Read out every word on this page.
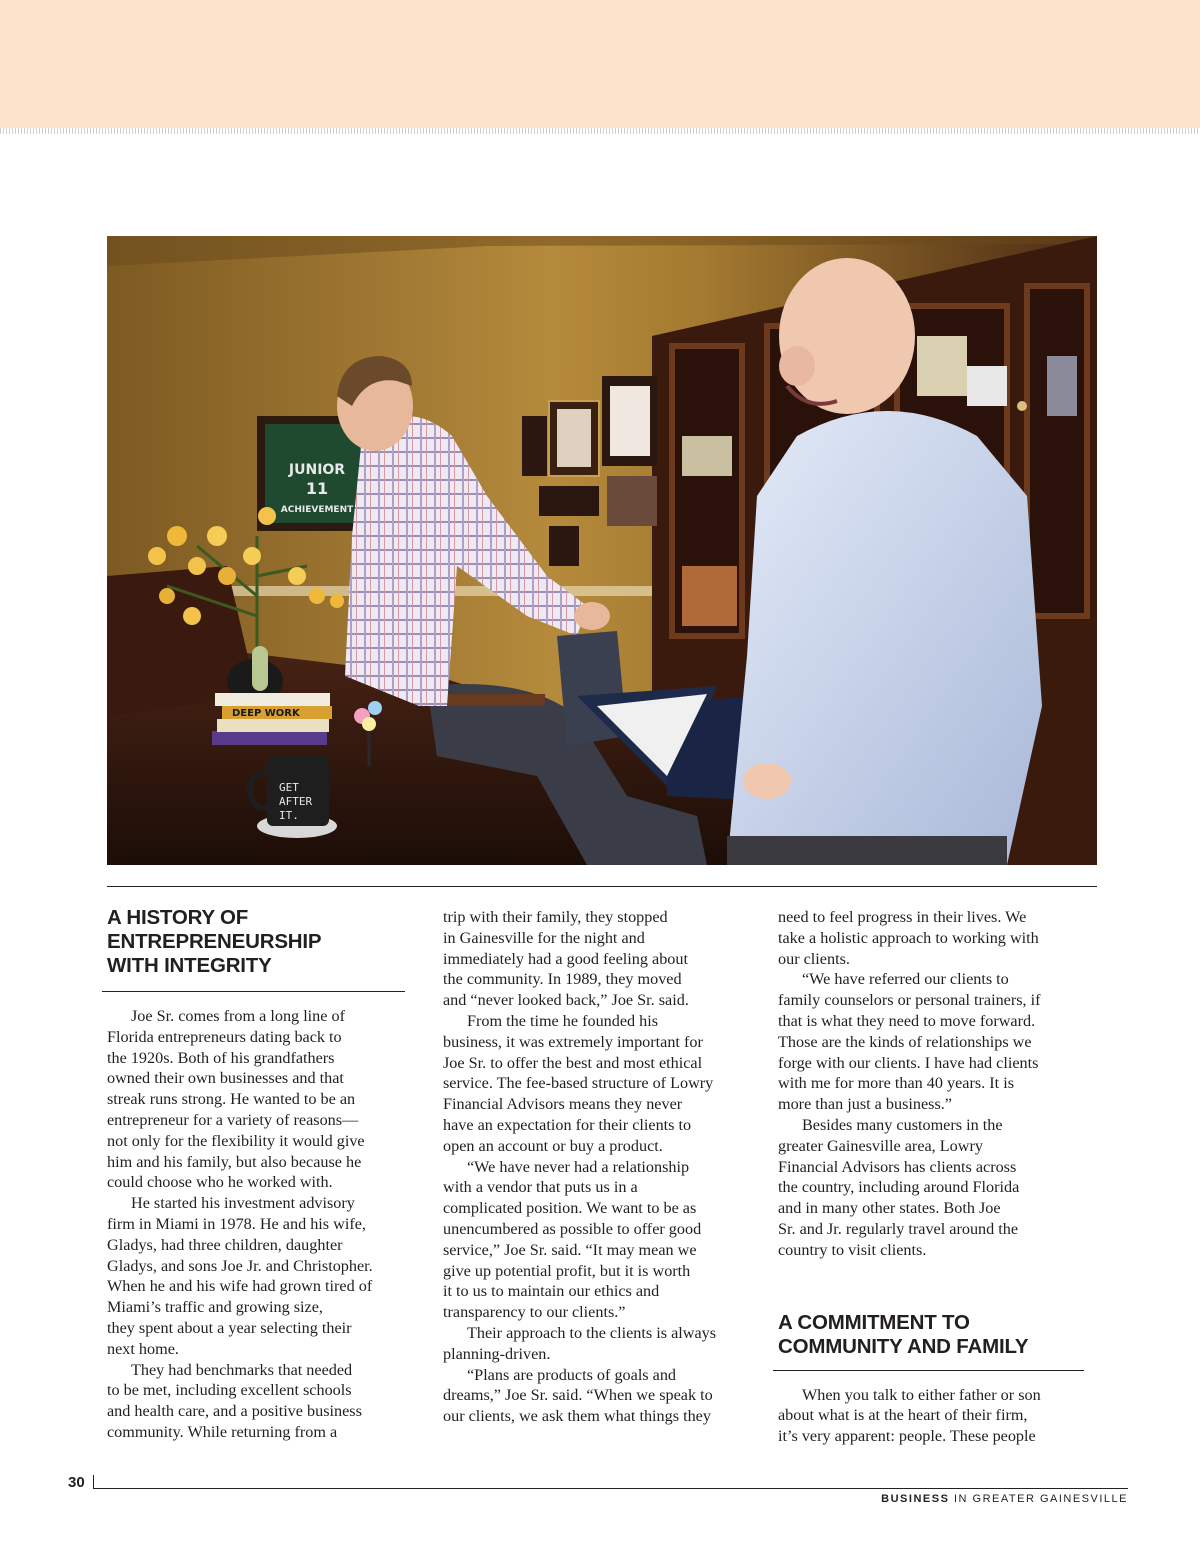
JUNIOR
11
ACHIEVEMENT
DEEP WORK
GET
AFTER
IT.
A HISTORY OF
ENTREPRENEURSHIP
WITH INTEGRITY

Joe Sr. comes from a long line of
Florida entrepreneurs dating back to
the 1920s. Both of his grandfathers
owned their own businesses and that
streak runs strong. He wanted to be an
entrepreneur for a variety of reasons—
not only for the flexibility it would give
him and his family, but also because he
could choose who he worked with.
He started his investment advisory
firm in Miami in 1978. He and his wife,
Gladys, had three children, daughter
Gladys, and sons Joe Jr. and Christopher.
When he and his wife had grown tired of
Miami’s traffic and growing size,
they spent about a year selecting their
next home.
They had benchmarks that needed
to be met, including excellent schools
and health care, and a positive business
community. While returning from a

trip with their family, they stopped
in Gainesville for the night and
immediately had a good feeling about
the community. In 1989, they moved
and “never looked back,” Joe Sr. said.
From the time he founded his
business, it was extremely important for
Joe Sr. to offer the best and most ethical
service. The fee-based structure of Lowry
Financial Advisors means they never
have an expectation for their clients to
open an account or buy a product.
“We have never had a relationship
with a vendor that puts us in a
complicated position. We want to be as
unencumbered as possible to offer good
service,” Joe Sr. said. “It may mean we
give up potential profit, but it is worth
it to us to maintain our ethics and
transparency to our clients.”
Their approach to the clients is always
planning-driven.
“Plans are products of goals and
dreams,” Joe Sr. said. “When we speak to
our clients, we ask them what things they

need to feel progress in their lives. We
take a holistic approach to working with
our clients.
“We have referred our clients to
family counselors or personal trainers, if
that is what they need to move forward.
Those are the kinds of relationships we
forge with our clients. I have had clients
with me for more than 40 years. It is
more than just a business.”
Besides many customers in the
greater Gainesville area, Lowry
Financial Advisors has clients across
the country, including around Florida
and in many other states. Both Joe
Sr. and Jr. regularly travel around the
country to visit clients.

A COMMITMENT TO
COMMUNITY AND FAMILY

When you talk to either father or son
about what is at the heart of their firm,
it’s very apparent: people. These people

30
BUSINESS IN GREATER GAINESVILLE
